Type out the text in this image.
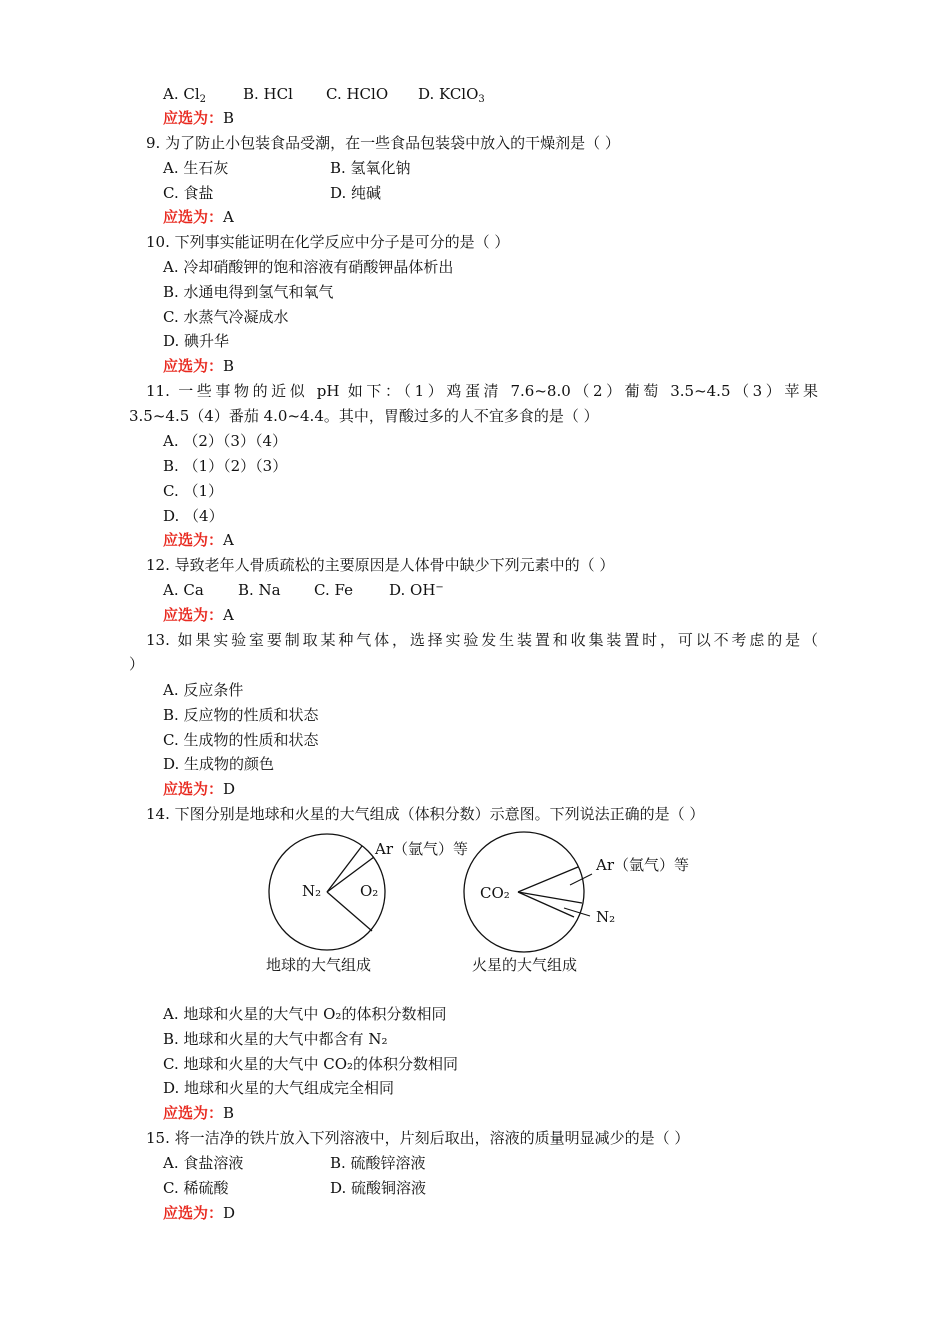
A. $Cl_2$ B. HCl C. HClO D. KClO$_3$
应选为：B
9. 为了防止小包装食品受潮，在一些食品包装袋中放入的干燥剂是（ ）
A. 生石灰	B. 氢氧化钠
C. 食盐	D. 纯碱
应选为：A
10. 下列事实能证明在化学反应中分子是可分的是（ ）
A. 冷却硝酸钾的饱和溶液有硝酸钾晶体析出
B. 水通电得到氢气和氧气
C. 水蒸气冷凝成水
D. 碘升华
应选为：B
11. 一些事物的近似 pH 如下：（1）鸡蛋清 7.6~8.0（2）葡萄 3.5~4.5（3）苹果
3.5~4.5（4）番茄 4.0~4.4。其中，胃酸过多的人不宜多食的是（ ）
A. （2）（3）（4）
B. （1）（2）（3）
C. （1）
D. （4）
应选为：A
12. 导致老年人骨质疏松的主要原因是人体骨中缺少下列元素中的（ ）
A. Ca B. Na C. Fe D. OH−
应选为：A
13. 如果实验室要制取某种气体，选择实验发生装置和收集装置时，可以不考虑的是（
）
A. 反应条件
B. 反应物的性质和状态
C. 生成物的性质和状态
D. 生成物的颜色
应选为：D
14. 下图分别是地球和火星的大气组成（体积分数）示意图。下列说法正确的是（ ）
N₂	O₂
Ar（氩气）等
地球的大气组成
CO₂
Ar（氩气）等
N₂
火星的大气组成
A. 地球和火星的大气中 O₂的体积分数相同
B. 地球和火星的大气中都含有 N₂
C. 地球和火星的大气中 CO₂的体积分数相同
D. 地球和火星的大气组成完全相同
应选为：B
15. 将一洁净的铁片放入下列溶液中，片刻后取出，溶液的质量明显减少的是（ ）
A. 食盐溶液	B. 硫酸锌溶液
C. 稀硫酸	D. 硫酸铜溶液
应选为：D
